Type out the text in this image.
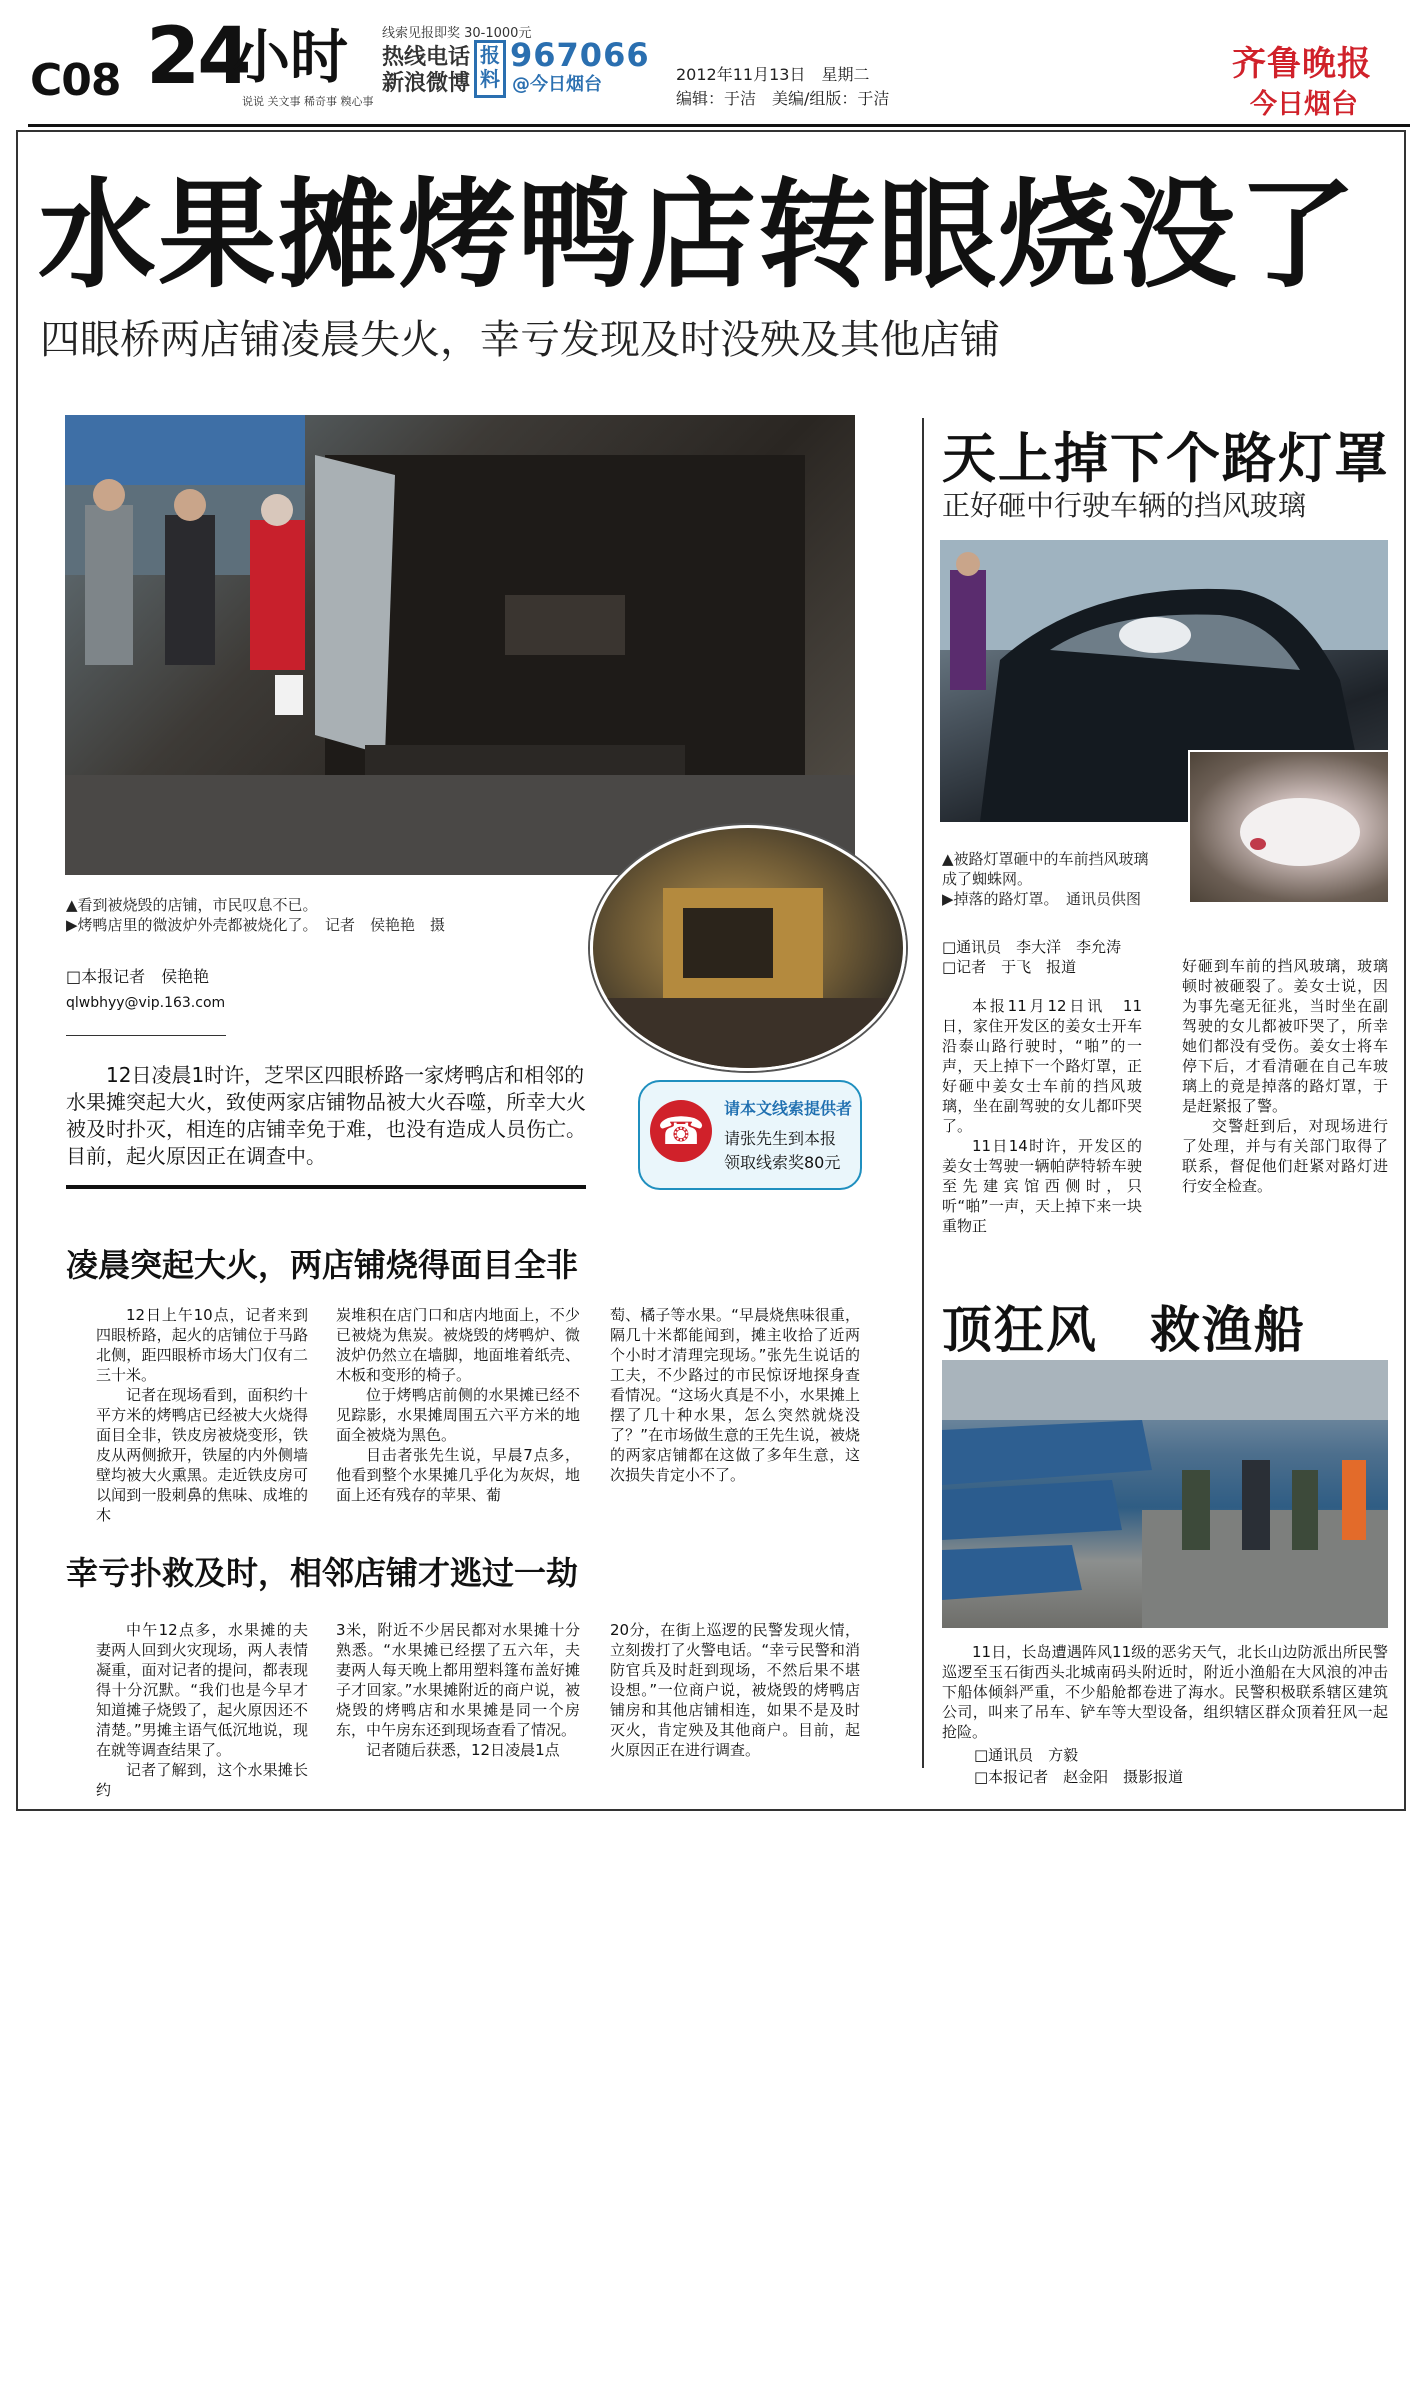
C08 24
小时
说说 关文事 稀奇事 糗心事
线索见报即奖 30-1000元
热线电话
新浪微博
报料
967066
@今日烟台	2012年11月13日　星期二
编辑：于洁　美编/组版：于洁
齐鲁晚报
今日烟台
水果摊烤鸭店转眼烧没了
四眼桥两店铺凌晨失火，幸亏发现及时没殃及其他店铺
▲看到被烧毁的店铺，市民叹息不已。
▶烤鸭店里的微波炉外壳都被烧化了。　记者　侯艳艳　摄
□本报记者　侯艳艳
qlwbhyy@vip.163.com
12日凌晨1时许，芝罘区四眼桥路一家烤鸭店和相邻的水果摊突起大火，致使两家店铺物品被大火吞噬，所幸大火被及时扑灭，相连的店铺幸免于难，也没有造成人员伤亡。目前，起火原因正在调查中。
☎
请本文线索提供者
请张先生到本报
领取线索奖80元
凌晨突起大火，两店铺烧得面目全非

12日上午10点，记者来到四眼桥路，起火的店铺位于马路北侧，距四眼桥市场大门仅有二三十米。

记者在现场看到，面积约十平方米的烤鸭店已经被大火烧得面目全非，铁皮房被烧变形，铁皮从两侧掀开，铁屋的内外侧墙壁均被大火熏黑。走近铁皮房可以闻到一股刺鼻的焦味、成堆的木

炭堆积在店门口和店内地面上，不少已被烧为焦炭。被烧毁的烤鸭炉、微波炉仍然立在墙脚，地面堆着纸壳、木板和变形的椅子。

位于烤鸭店前侧的水果摊已经不见踪影，水果摊周围五六平方米的地面全被烧为黑色。

目击者张先生说，早晨7点多，他看到整个水果摊几乎化为灰烬，地面上还有残存的苹果、葡

萄、橘子等水果。“早晨烧焦味很重，隔几十米都能闻到，摊主收拾了近两个小时才清理完现场。”张先生说话的工夫，不少路过的市民惊讶地探身查看情况。“这场火真是不小，水果摊上摆了几十种水果，怎么突然就烧没了？”在市场做生意的王先生说，被烧的两家店铺都在这做了多年生意，这次损失肯定小不了。

幸亏扑救及时，相邻店铺才逃过一劫

中午12点多，水果摊的夫妻两人回到火灾现场，两人表情凝重，面对记者的提问，都表现得十分沉默。“我们也是今早才知道摊子烧毁了，起火原因还不清楚。”男摊主语气低沉地说，现在就等调查结果了。

记者了解到，这个水果摊长约

3米，附近不少居民都对水果摊十分熟悉。“水果摊已经摆了五六年，夫妻两人每天晚上都用塑料篷布盖好摊子才回家。”水果摊附近的商户说，被烧毁的烤鸭店和水果摊是同一个房东，中午房东还到现场查看了情况。

记者随后获悉，12日凌晨1点

20分，在街上巡逻的民警发现火情，立刻拨打了火警电话。“幸亏民警和消防官兵及时赶到现场，不然后果不堪设想。”一位商户说，被烧毁的烤鸭店铺房和其他店铺相连，如果不是及时灭火，肯定殃及其他商户。目前，起火原因正在进行调查。

天上掉下个路灯罩
正好砸中行驶车辆的挡风玻璃
▲被路灯罩砸中的车前挡风玻璃
成了蜘蛛网。
▶掉落的路灯罩。　通讯员供图
□通讯员　李大洋　李允涛
□记者　于飞　报道

本报11月12日讯　11日，家住开发区的姜女士开车沿泰山路行驶时，“啪”的一声，天上掉下一个路灯罩，正好砸中姜女士车前的挡风玻璃，坐在副驾驶的女儿都吓哭了。

11日14时许，开发区的姜女士驾驶一辆帕萨特轿车驶至先建宾馆西侧时，只听“啪”一声，天上掉下来一块重物正

好砸到车前的挡风玻璃，玻璃顿时被砸裂了。姜女士说，因为事先毫无征兆，当时坐在副驾驶的女儿都被吓哭了，所幸她们都没有受伤。姜女士将车停下后，才看清砸在自己车玻璃上的竟是掉落的路灯罩，于是赶紧报了警。

交警赶到后，对现场进行了处理，并与有关部门取得了联系，督促他们赶紧对路灯进行安全检查。

顶狂风　救渔船

11日，长岛遭遇阵风11级的恶劣天气，北长山边防派出所民警巡逻至玉石街西头北城南码头附近时，附近小渔船在大风浪的冲击下船体倾斜严重，不少船舱都卷进了海水。民警积极联系辖区建筑公司，叫来了吊车、铲车等大型设备，组织辖区群众顶着狂风一起抢险。

□通讯员　方毅
□本报记者　赵金阳　摄影报道
